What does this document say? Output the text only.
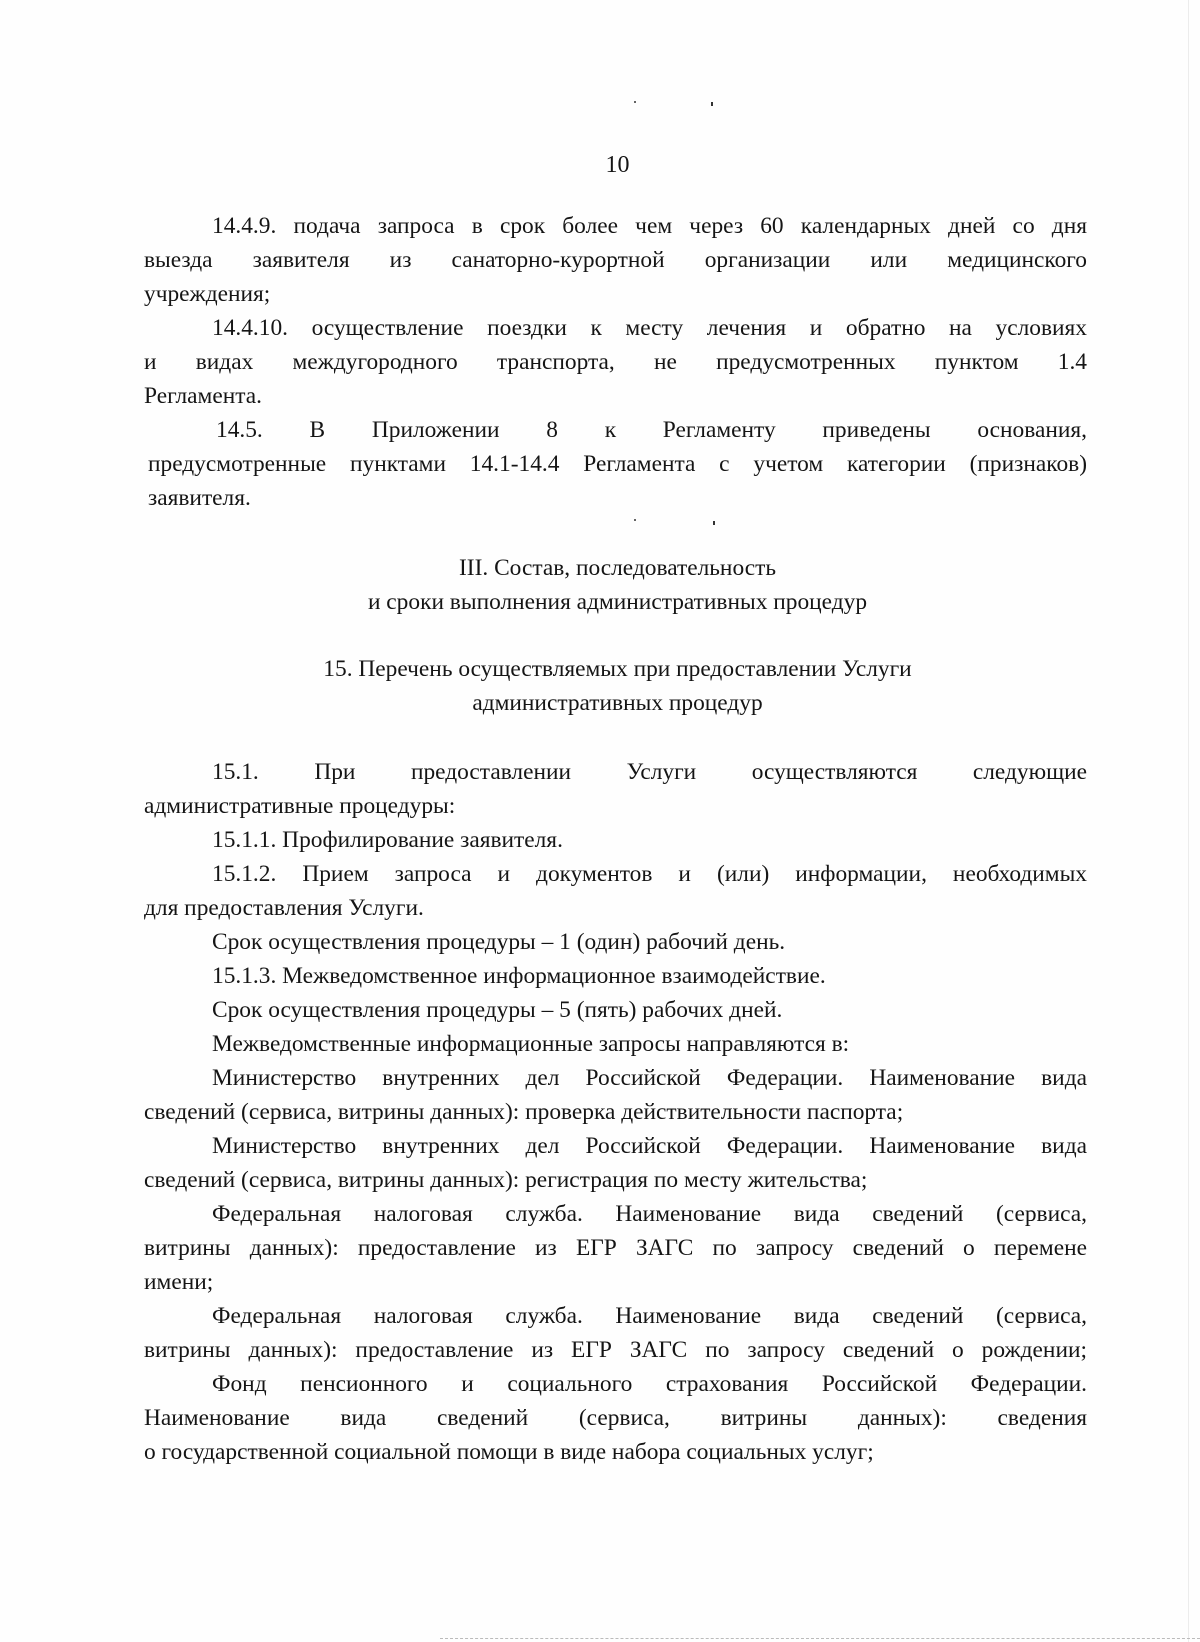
10
14.4.9. подача запроса в срок более чем через 60 календарных дней со дня
выезда заявителя из санаторно-курортной организации или медицинского
учреждения;
14.4.10. осуществление поездки к месту лечения и обратно на условиях
и видах междугородного транспорта, не предусмотренных пунктом 1.4
Регламента.
14.5. В Приложении 8 к Регламенту приведены основания,
предусмотренные пунктами 14.1-14.4 Регламента с учетом категории (признаков)
заявителя.
III. Состав, последовательность
и сроки выполнения административных процедур
15. Перечень осуществляемых при предоставлении Услуги
административных процедур
15.1. При предоставлении Услуги осуществляются следующие
административные процедуры:
15.1.1. Профилирование заявителя.
15.1.2. Прием запроса и документов и (или) информации, необходимых
для предоставления Услуги.
Срок осуществления процедуры – 1 (один) рабочий день.
15.1.3. Межведомственное информационное взаимодействие.
Срок осуществления процедуры – 5 (пять) рабочих дней.
Межведомственные информационные запросы направляются в:
Министерство внутренних дел Российской Федерации. Наименование вида
сведений (сервиса, витрины данных): проверка действительности паспорта;
Министерство внутренних дел Российской Федерации. Наименование вида
сведений (сервиса, витрины данных): регистрация по месту жительства;
Федеральная налоговая служба. Наименование вида сведений (сервиса,
витрины данных): предоставление из ЕГР ЗАГС по запросу сведений о перемене
имени;
Федеральная налоговая служба. Наименование вида сведений (сервиса,
витрины данных): предоставление из ЕГР ЗАГС по запросу сведений о рождении;
Фонд пенсионного и социального страхования Российской Федерации.
Наименование вида сведений (сервиса, витрины данных): сведения
о государственной социальной помощи в виде набора социальных услуг;
